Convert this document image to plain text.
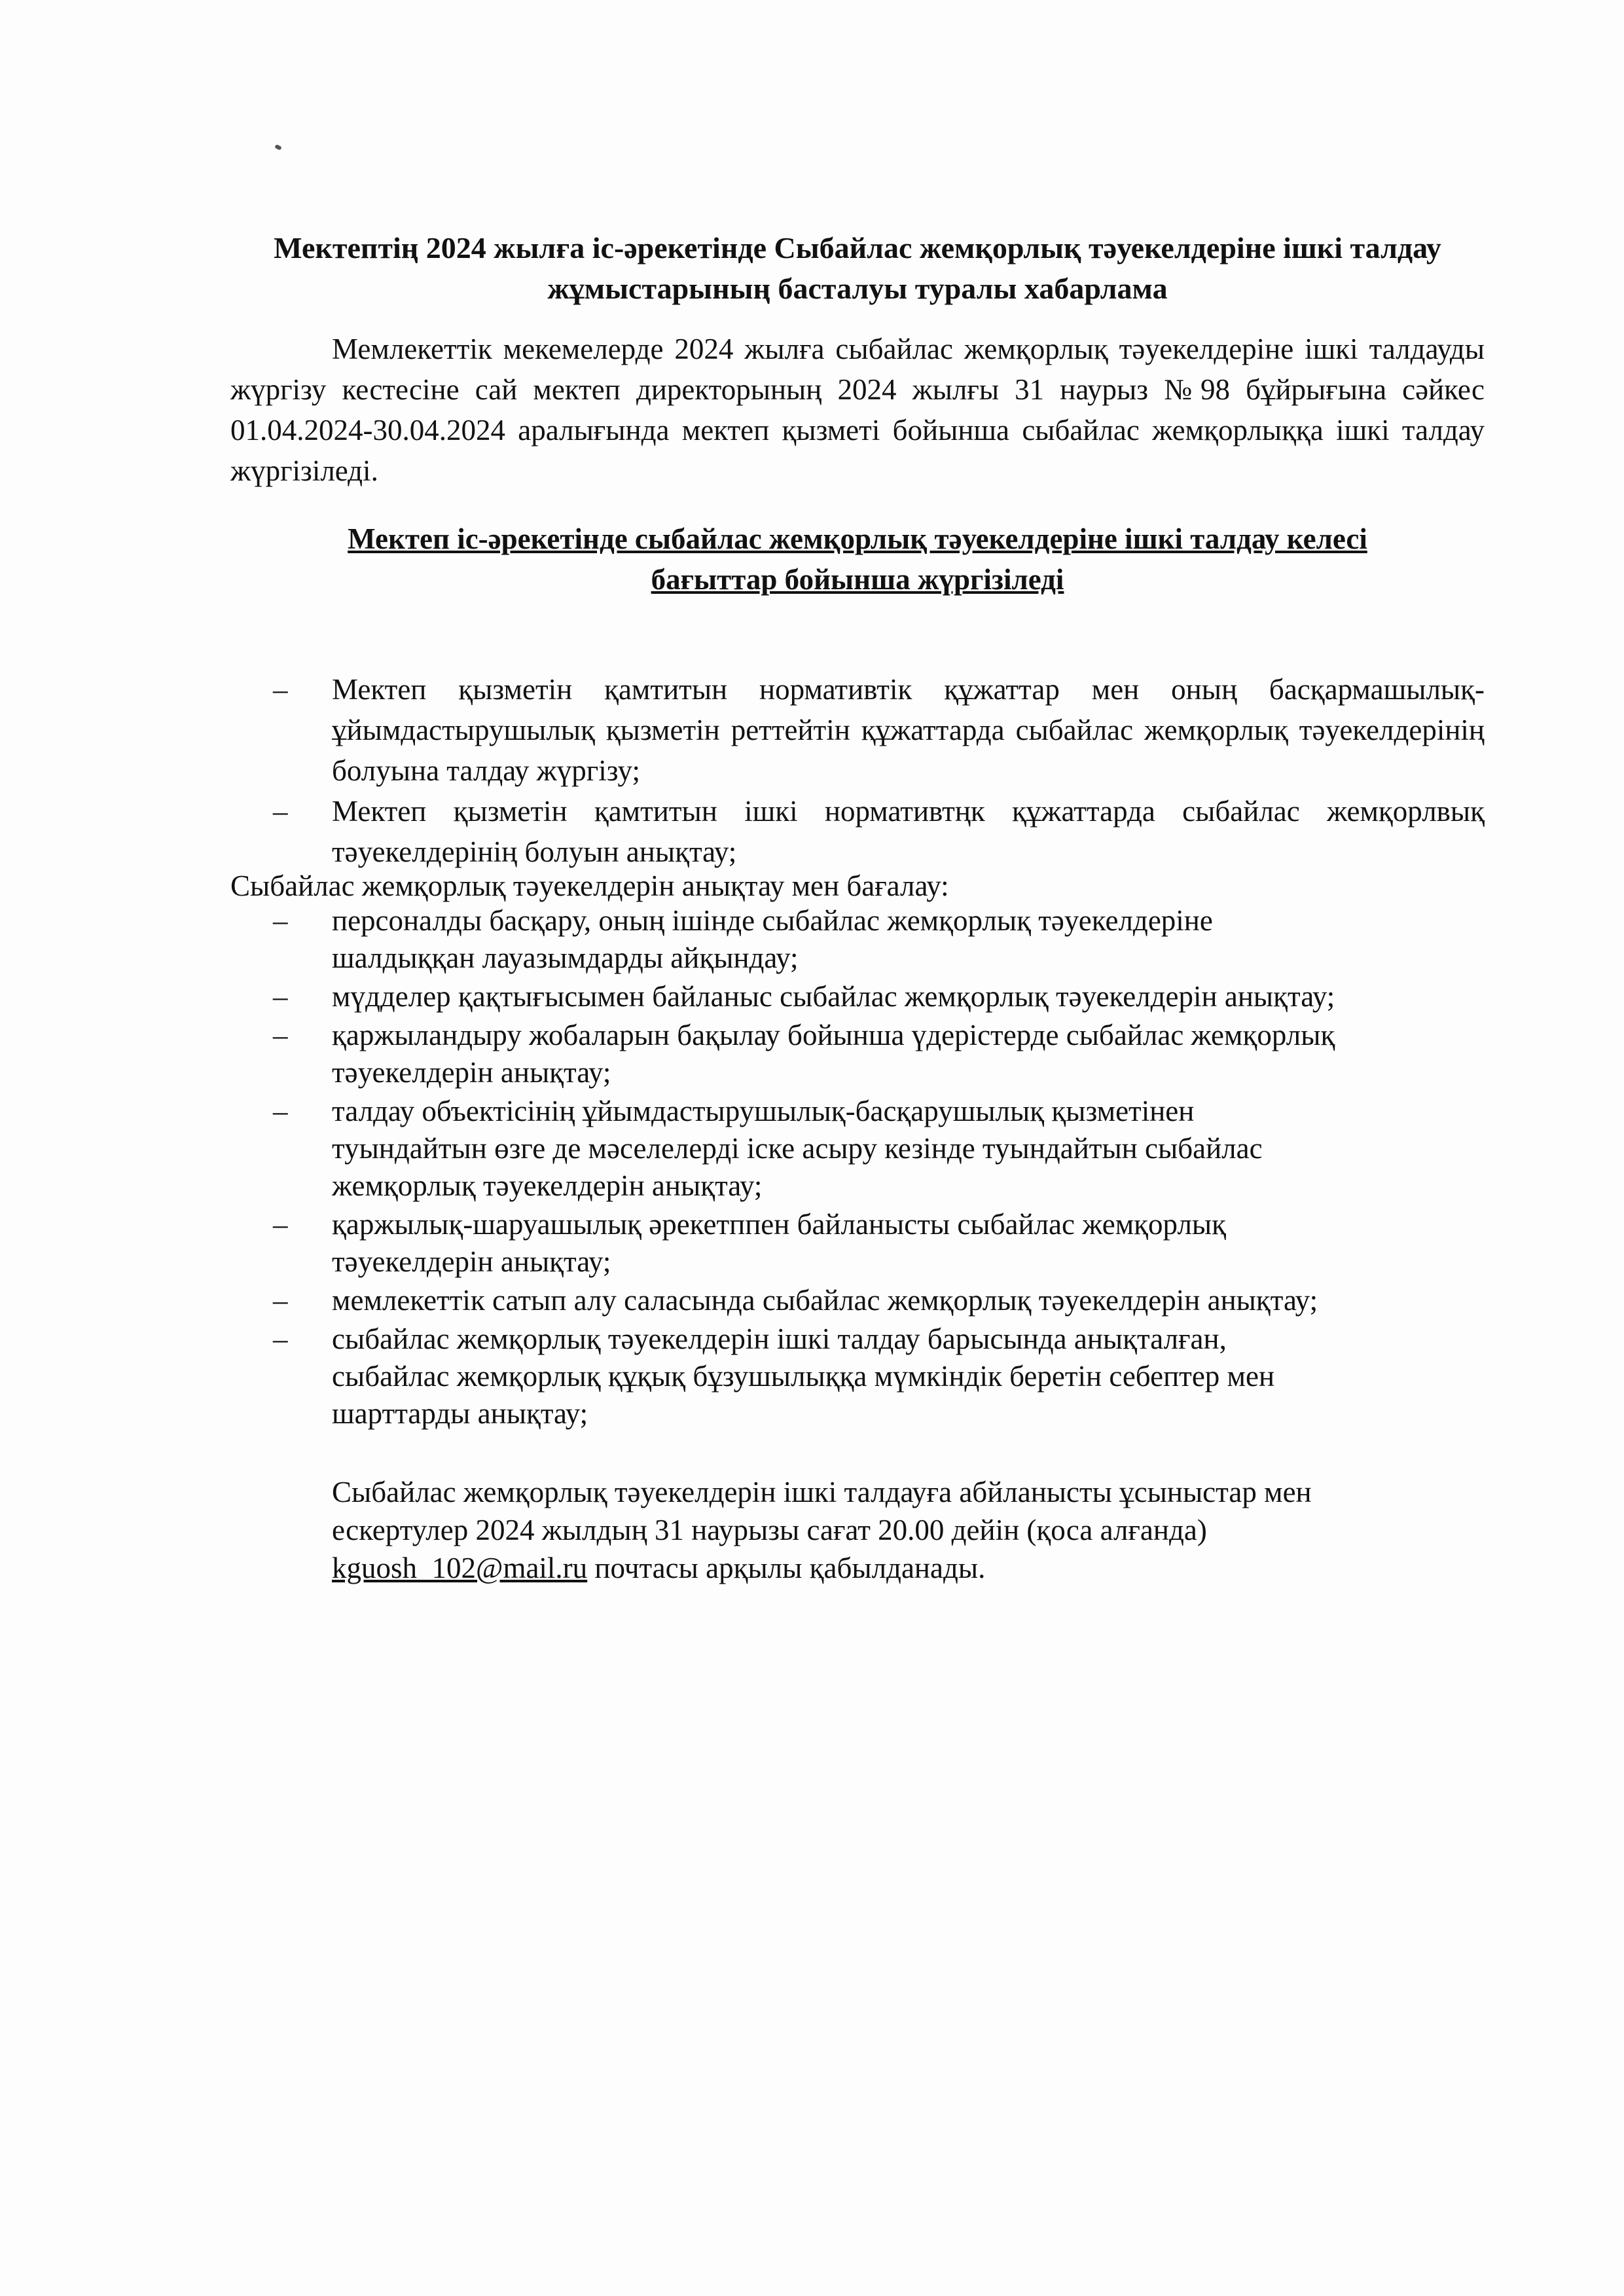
Мектептің 2024 жылға іс-әрекетінде Сыбайлас жемқорлық тәуекелдеріне ішкі талдау
жұмыстарының басталуы туралы хабарлама
Мемлекеттік мекемелерде 2024 жылға сыбайлас жемқорлық тәуекелдеріне ішкі талдауды жүргізу кестесіне сай мектеп директорының 2024 жылғы 31 наурыз №98 бұйрығына сәйкес 01.04.2024-30.04.2024 аралығында мектеп қызметі бойынша сыбайлас жемқорлыққа ішкі талдау жүргізіледі.
Мектеп іс-әрекетінде сыбайлас жемқорлық тәуекелдеріне ішкі талдау келесі
бағыттар бойынша жүргізіледі
– Мектеп қызметін қамтитын нормативтік құжаттар мен оның басқармашылық-ұйымдастырушылық қызметін реттейтін құжаттарда сыбайлас жемқорлық тәуекелдерінің болуына талдау жүргізу;
– Мектеп қызметін қамтитын ішкі нормативтңк құжаттарда сыбайлас жемқорлвық тәуекелдерінің болуын анықтау;
Сыбайлас жемқорлық тәуекелдерін анықтау мен бағалау:
– персоналды басқару, оның ішінде сыбайлас жемқорлық тәуекелдеріне шалдыққан лауазымдарды айқындау;
– мүдделер қақтығысымен байланыс сыбайлас жемқорлық тәуекелдерін анықтау;
– қаржыландыру жобаларын бақылау бойынша үдерістерде сыбайлас жемқорлық тәуекелдерін анықтау;
– талдау объектісінің ұйымдастырушылық-басқарушылық қызметінен туындайтын өзге де мәселелерді іске асыру кезінде туындайтын сыбайлас жемқорлық тәуекелдерін анықтау;
– қаржылық-шаруашылық әрекетппен байланысты сыбайлас жемқорлық тәуекелдерін анықтау;
– мемлекеттік сатып алу саласында сыбайлас жемқорлық тәуекелдерін анықтау;
– сыбайлас жемқорлық тәуекелдерін ішкі талдау барысында анықталған, сыбайлас жемқорлық құқық бұзушылыққа мүмкіндік беретін себептер мен шарттарды анықтау;
Сыбайлас жемқорлық тәуекелдерін ішкі талдауға абйланысты ұсыныстар мен ескертулер 2024 жылдың 31 наурызы сағат 20.00 дейін (қоса алғанда) kguosh_102@mail.ru почтасы арқылы қабылданады.
